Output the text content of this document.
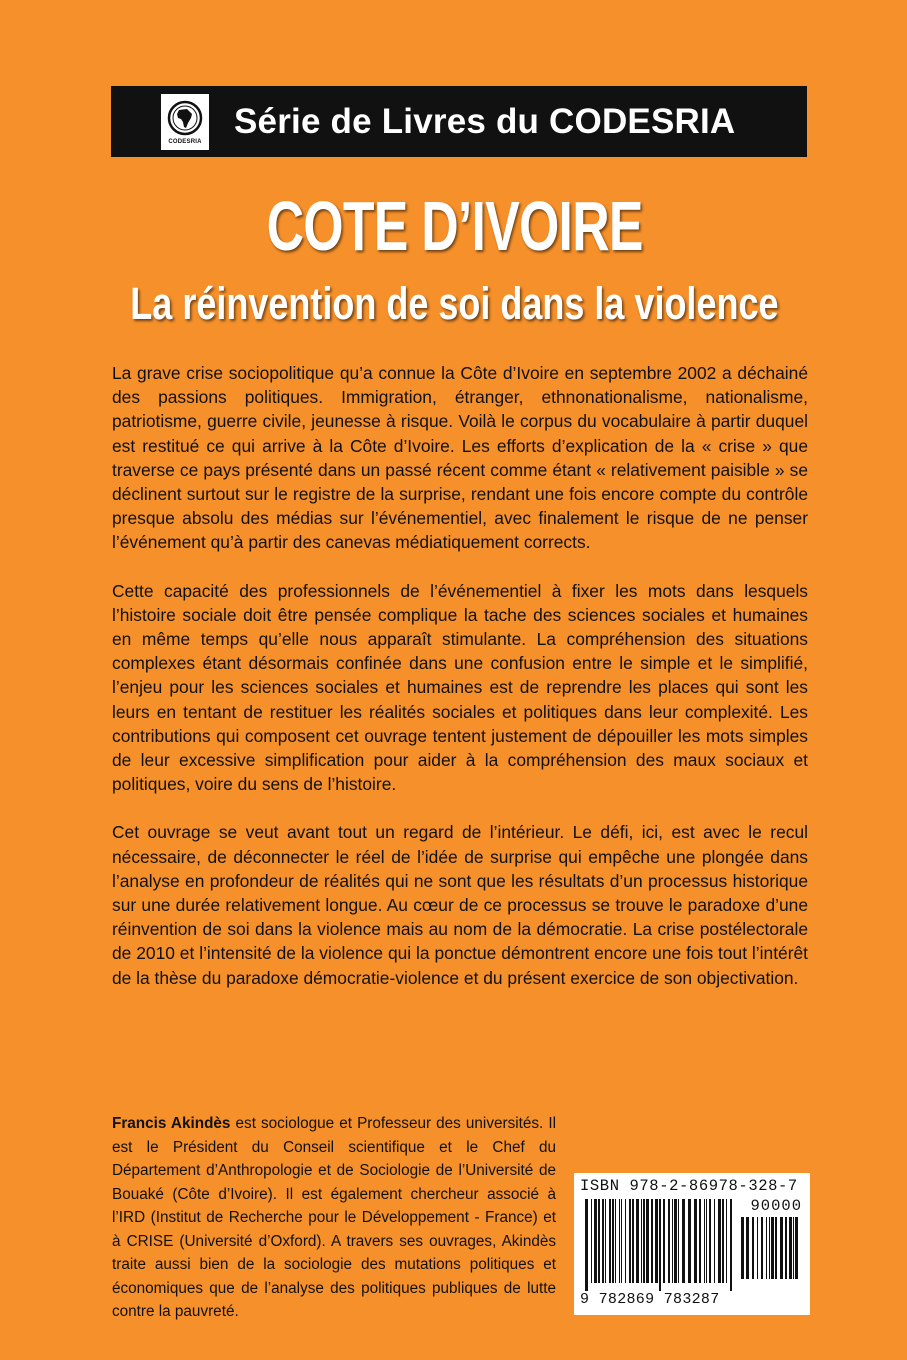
CODESRIA
Série de Livres du CODESRIA
COTE D’IVOIRE
La réinvention de soi dans la violence

La grave crise sociopolitique qu’a connue la Côte d’Ivoire en septembre 2002 a déchainé des passions politiques. Immigration, étranger, ethnonationalisme, nationalisme, patriotisme, guerre civile, jeunesse à risque. Voilà le corpus du vocabulaire à partir duquel est restitué ce qui arrive à la Côte d’Ivoire. Les efforts d’explication de la « crise » que traverse ce pays présenté dans un passé récent comme étant « relativement paisible » se déclinent surtout sur le registre de la surprise, rendant une fois encore compte du contrôle presque absolu des médias sur l’événementiel, avec finalement le risque de ne penser l’événement qu’à partir des canevas médiatiquement corrects.

Cette capacité des professionnels de l’événementiel à fixer les mots dans lesquels l’histoire sociale doit être pensée complique la tache des sciences sociales et humaines en même temps qu’elle nous apparaît stimulante. La compréhension des situations complexes étant désormais confinée dans une confusion entre le simple et le simplifié, l’enjeu pour les sciences sociales et humaines est de reprendre les places qui sont les leurs en tentant de restituer les réalités sociales et politiques dans leur complexité. Les contributions qui composent cet ouvrage tentent justement de dépouiller les mots simples de leur excessive simplification pour aider à la compréhension des maux sociaux et politiques, voire du sens de l’histoire.

Cet ouvrage se veut avant tout un regard de l’intérieur. Le défi, ici, est avec le recul nécessaire, de déconnecter le réel de l’idée de surprise qui empêche une plongée dans l’analyse en profondeur de réalités qui ne sont que les résultats d’un processus historique sur une durée relativement longue. Au cœur de ce processus se trouve le paradoxe d’une réinvention de soi dans la violence mais au nom de la démocratie. La crise postélectorale de 2010 et l’intensité de la violence qui la ponctue démontrent encore une fois tout l’intérêt de la thèse du paradoxe démocratie-violence et du présent exercice de son objectivation.

Francis Akindès est sociologue et Professeur des universités. Il est le Président du Conseil scientifique et le Chef du Département d’Anthropologie et de Sociologie de l’Université de Bouaké (Côte d’Ivoire). Il est également chercheur associé à l’IRD (Institut de Recherche pour le Développement - France) et à CRISE (Université d’Oxford). A travers ses ouvrages, Akindès traite aussi bien de la sociologie des mutations politiques et économiques que de l’analyse des politiques publiques de lutte contre la pauvreté.
ISBN 978-2-86978-328-7
90000
9 782869 783287
